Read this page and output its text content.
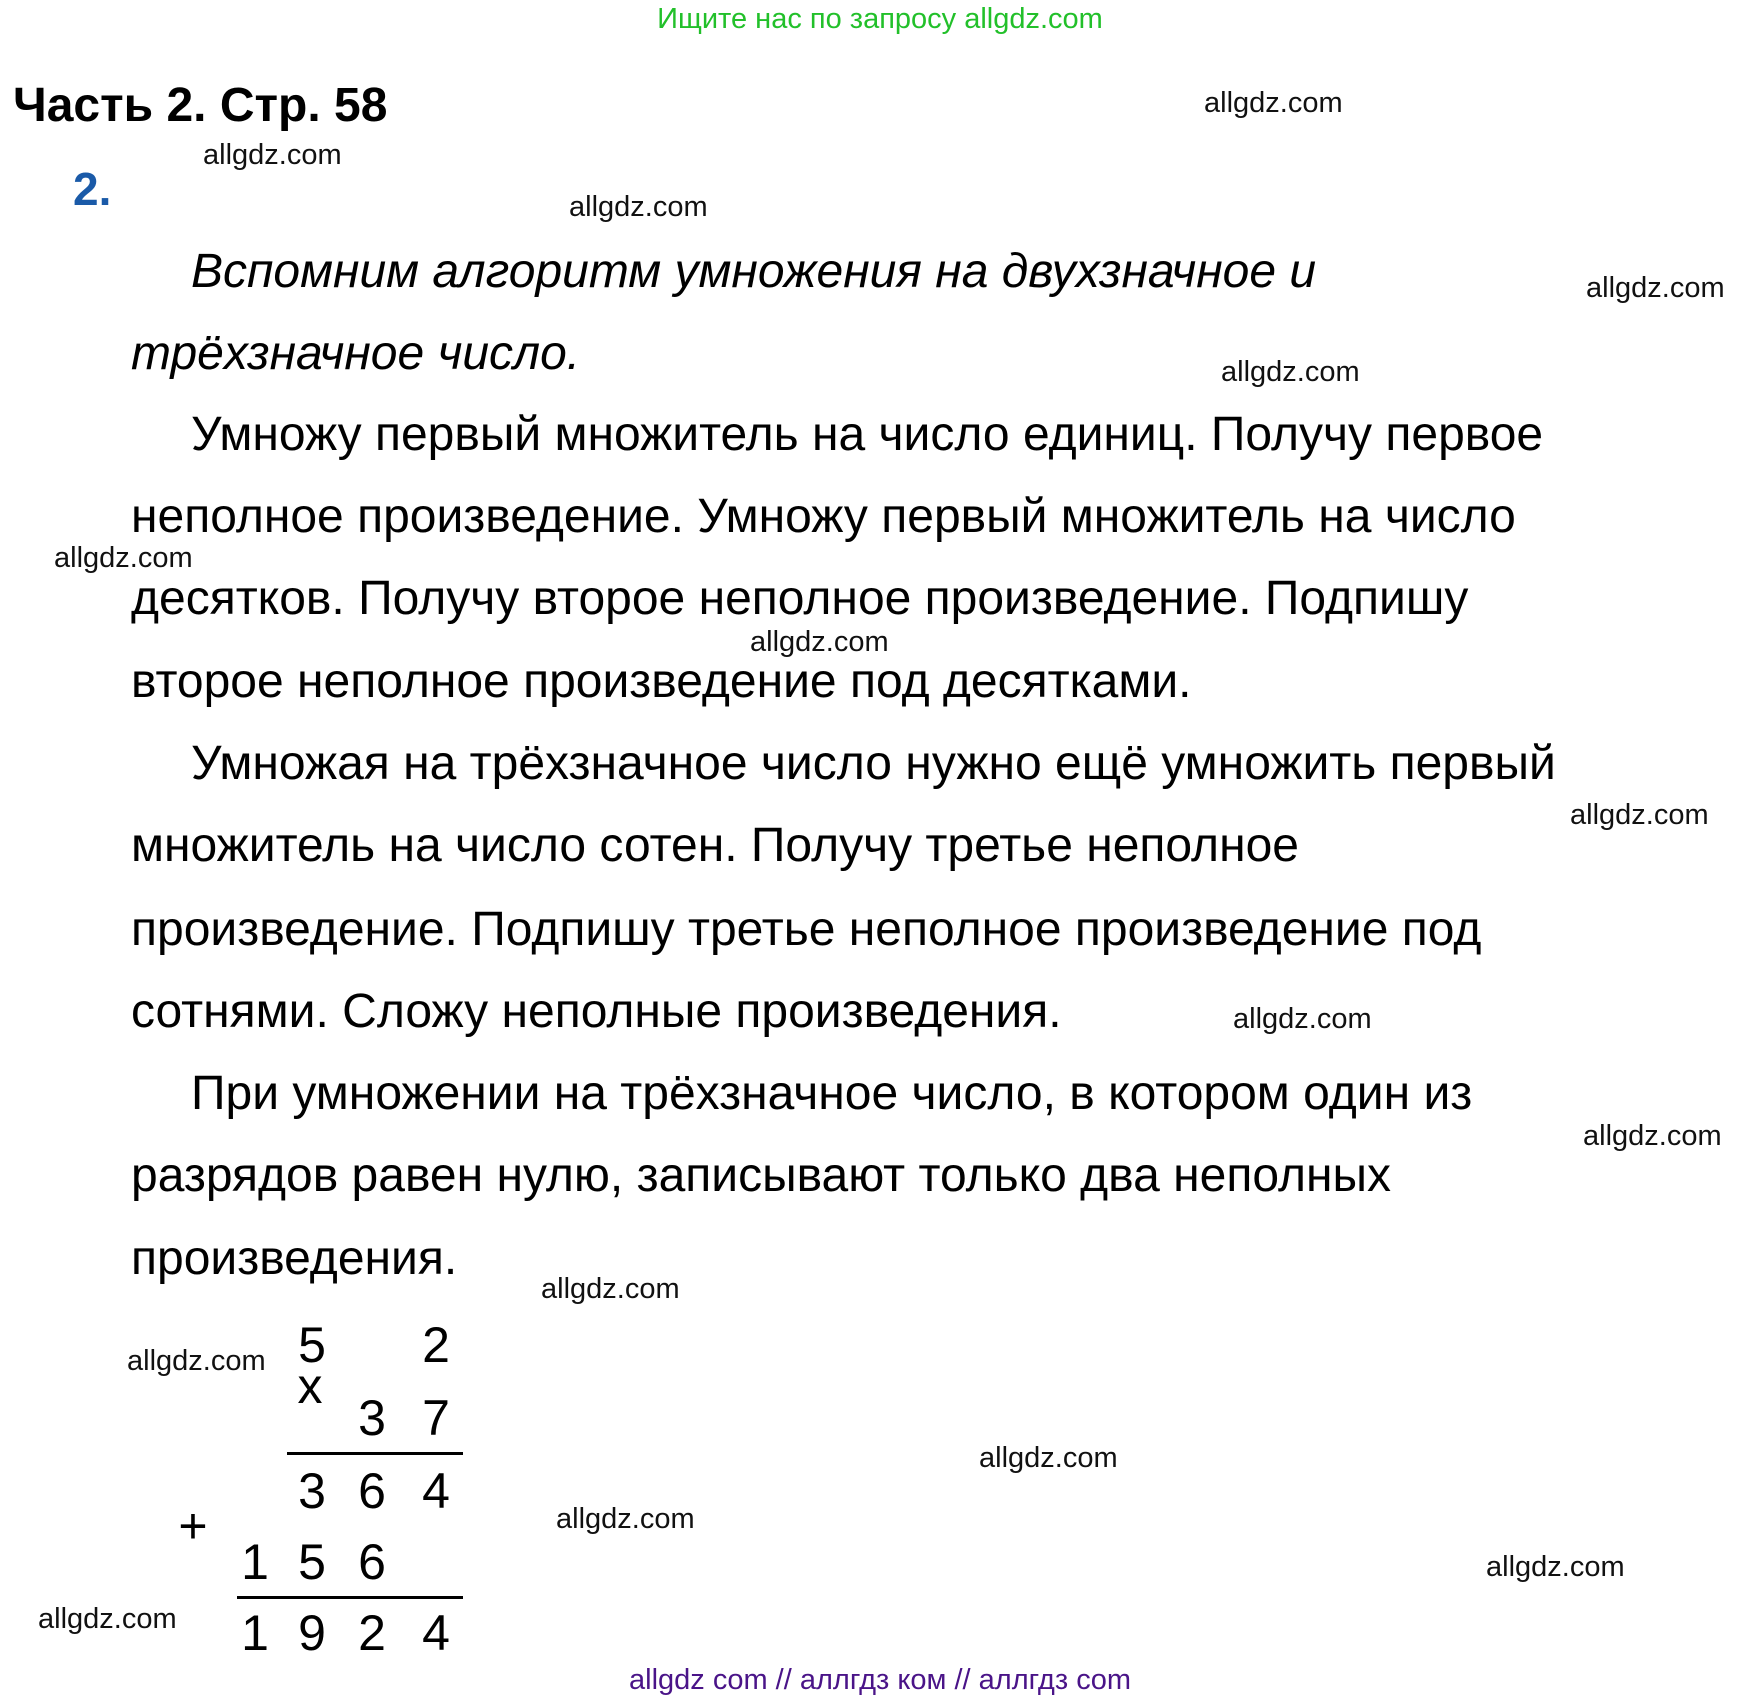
Ищите нас по запросу allgdz.com
Часть 2. Стр. 58
2.
Вспомним алгоритм умножения на двухзначное и
трёхзначное число.
Умножу первый множитель на число единиц. Получу первое
неполное произведение. Умножу первый множитель на число
десятков. Получу второе неполное произведение. Подпишу
второе неполное произведение под десятками.
Умножая на трёхзначное число нужно ещё умножить первый
множитель на число сотен. Получу третье неполное
произведение. Подпишу третье неполное произведение под
сотнями. Сложу неполные произведения.
При умножении на трёхзначное число, в котором один из
разрядов равен нулю, записывают только два неполных
произведения.
allgdz.com
allgdz.com
allgdz.com
allgdz.com
allgdz.com
allgdz.com
allgdz.com
allgdz.com
allgdz.com
allgdz.com
allgdz.com
allgdz.com
allgdz.com
allgdz.com
allgdz.com
allgdz.com
5 2
x
3 7
3 6 4
+
1 5 6
1 9 2 4
allgdz com // аллгдз ком // аллгдз com
